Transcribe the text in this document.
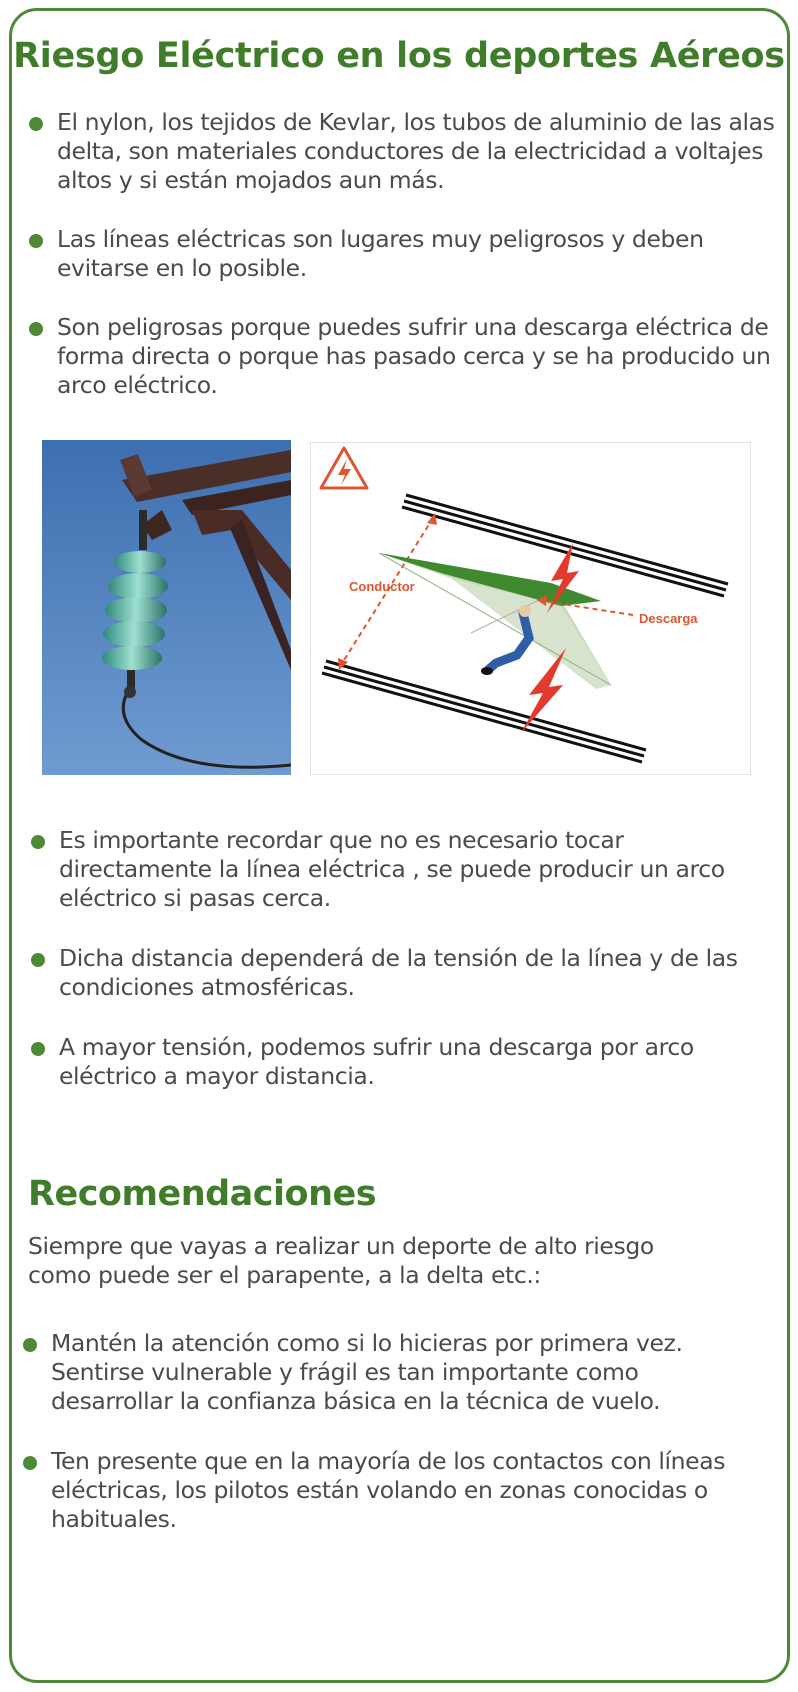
Riesgo Eléctrico en los deportes Aéreos
El nylon, los tejidos de Kevlar, los tubos de aluminio de las alas delta, son materiales conductores de la electricidad a voltajes altos y si están mojados aun más.
Las líneas eléctricas son lugares muy peligrosos y deben evitarse en lo posible.
Son peligrosas porque puedes sufrir una descarga eléctrica de forma directa o porque has pasado cerca y se ha producido un arco eléctrico.
Conductor
Descarga
Es importante recordar que no es necesario tocar directamente la línea eléctrica , se puede producir un arco eléctrico si pasas cerca.
Dicha distancia dependerá de la tensión de la línea y de las condiciones atmosféricas.
A mayor tensión, podemos sufrir una descarga por arco eléctrico a mayor distancia.
Recomendaciones

Siempre que vayas a realizar un deporte de alto riesgo
como puede ser el parapente, a la delta etc.:

Mantén la atención como si lo hicieras por primera vez. Sentirse vulnerable y frágil es tan importante como desarrollar la confianza básica en la técnica de vuelo.
Ten presente que en la mayoría de los contactos con líneas eléctricas, los pilotos están volando en zonas conocidas o habituales.
